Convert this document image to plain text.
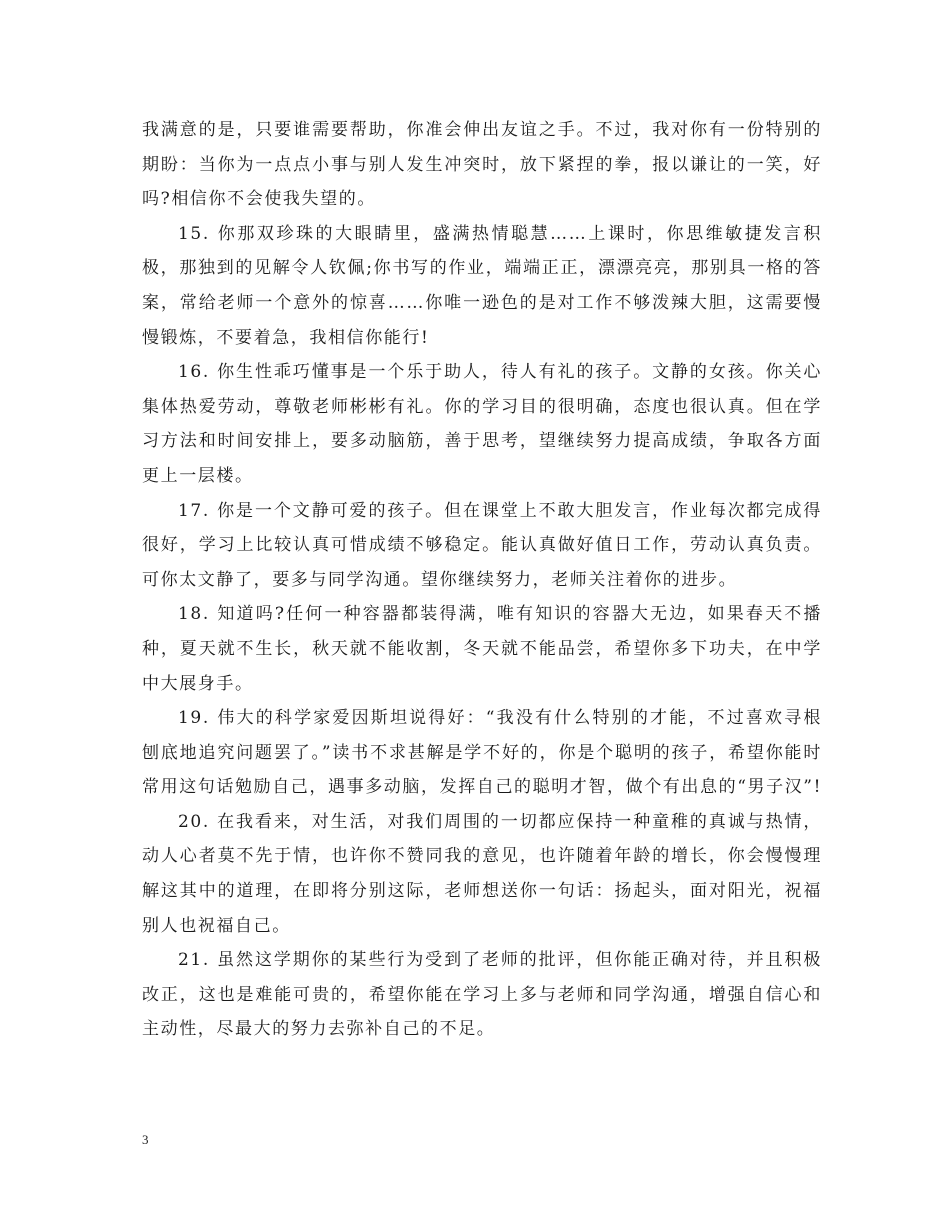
我满意的是，只要谁需要帮助，你准会伸出友谊之手。不过，我对你有一份特别的期盼：当你为一点点小事与别人发生冲突时，放下紧捏的拳，报以谦让的一笑，好吗?相信你不会使我失望的。

15. 你那双珍珠的大眼睛里，盛满热情聪慧……上课时，你思维敏捷发言积极，那独到的见解令人钦佩;你书写的作业，端端正正，漂漂亮亮，那别具一格的答案，常给老师一个意外的惊喜……你唯一逊色的是对工作不够泼辣大胆，这需要慢慢锻炼，不要着急，我相信你能行!

16. 你生性乖巧懂事是一个乐于助人，待人有礼的孩子。文静的女孩。你关心集体热爱劳动，尊敬老师彬彬有礼。你的学习目的很明确，态度也很认真。但在学习方法和时间安排上，要多动脑筋，善于思考，望继续努力提高成绩，争取各方面更上一层楼。

17. 你是一个文静可爱的孩子。但在课堂上不敢大胆发言，作业每次都完成得很好，学习上比较认真可惜成绩不够稳定。能认真做好值日工作，劳动认真负责。可你太文静了，要多与同学沟通。望你继续努力，老师关注着你的进步。

18. 知道吗?任何一种容器都装得满，唯有知识的容器大无边，如果春天不播种，夏天就不生长，秋天就不能收割，冬天就不能品尝，希望你多下功夫，在中学中大展身手。

19. 伟大的科学家爱因斯坦说得好：“我没有什么特别的才能，不过喜欢寻根刨底地追究问题罢了。”读书不求甚解是学不好的，你是个聪明的孩子，希望你能时常用这句话勉励自己，遇事多动脑，发挥自己的聪明才智，做个有出息的“男子汉”!

20. 在我看来，对生活，对我们周围的一切都应保持一种童稚的真诚与热情，动人心者莫不先于情，也许你不赞同我的意见，也许随着年龄的增长，你会慢慢理解这其中的道理，在即将分别这际，老师想送你一句话：扬起头，面对阳光，祝福别人也祝福自己。

21. 虽然这学期你的某些行为受到了老师的批评，但你能正确对待，并且积极改正，这也是难能可贵的，希望你能在学习上多与老师和同学沟通，增强自信心和主动性，尽最大的努力去弥补自己的不足。

3
